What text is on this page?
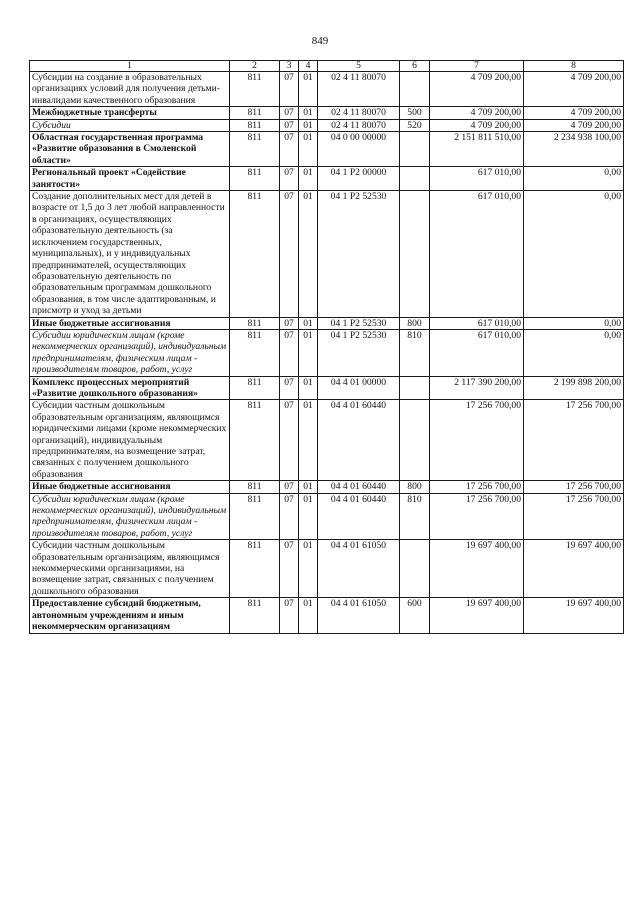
849
1	2	3	4	5	6	7	8
Субсидии на создание в образовательных организациях условий для получения детьми-инвалидами качественного образования	811	07	01	02 4 11 80070		4 709 200,00	4 709 200,00
Межбюджетные трансферты	811	07	01	02 4 11 80070	500	4 709 200,00	4 709 200,00
Субсидии	811	07	01	02 4 11 80070	520	4 709 200,00	4 709 200,00
Областная государственная программа «Развитие образования в Смоленской области»	811	07	01	04 0 00 00000		2 151 811 510,00	2 234 938 100,00
Региональный проект «Содействие занятости»	811	07	01	04 1 P2 00000		617 010,00	0,00
Создание дополнительных мест для детей в возрасте от 1,5 до 3 лет любой направленности в организациях, осуществляющих образовательную деятельность (за исключением государственных, муниципальных), и у индивидуальных предпринимателей, осуществляющих образовательную деятельность по образовательным программам дошкольного образования, в том числе адаптированным, и присмотр и уход за детьми	811	07	01	04 1 P2 52530		617 010,00	0,00
Иные бюджетные ассигнования	811	07	01	04 1 P2 52530	800	617 010,00	0,00
Субсидии юридическим лицам (кроме некоммерческих организаций), индивидуальным предпринимателям, физическим лицам - производителям товаров, работ, услуг	811	07	01	04 1 P2 52530	810	617 010,00	0,00
Комплекс процессных мероприятий «Развитие дошкольного образования»	811	07	01	04 4 01 00000		2 117 390 200,00	2 199 898 200,00
Субсидии частным дошкольным образовательным организациям, являющимся юридическими лицами (кроме некоммерческих организаций), индивидуальным предпринимателям, на возмещение затрат, связанных с получением дошкольного образования	811	07	01	04 4 01 60440		17 256 700,00	17 256 700,00
Иные бюджетные ассигнования	811	07	01	04 4 01 60440	800	17 256 700,00	17 256 700,00
Субсидии юридическим лицам (кроме некоммерческих организаций), индивидуальным предпринимателям, физическим лицам - производителям товаров, работ, услуг	811	07	01	04 4 01 60440	810	17 256 700,00	17 256 700,00
Субсидии частным дошкольным образовательным организациям, являющимся некоммерческими организациями, на возмещение затрат, связанных с получением дошкольного образования	811	07	01	04 4 01 61050		19 697 400,00	19 697 400,00
Предоставление субсидий бюджетным, автономным учреждениям и иным некоммерческим организациям	811	07	01	04 4 01 61050	600	19 697 400,00	19 697 400,00
